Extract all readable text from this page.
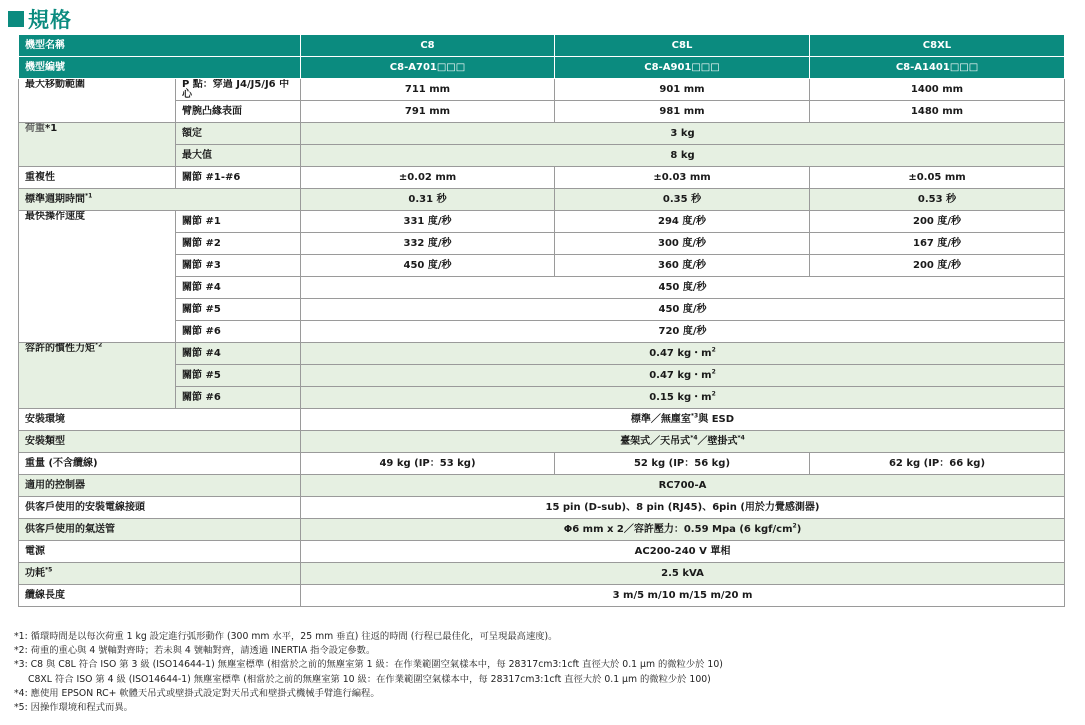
規格
機型名稱		C8	C8L	C8XL
機型編號		C8-A701□□□	C8-A901□□□	C8-A1401□□□
最大移動範圍	P 點：穿過 J4/J5/J6 中心	711 mm	901 mm	1400 mm
	臂腕凸緣表面	791 mm	981 mm	1480 mm
荷重*1	額定	3 kg		
	最大值	8 kg		
重複性	關節 #1-#6	±0.02 mm	±0.03 mm	±0.05 mm
標準週期時間$^{*1}$		0.31 秒	0.35 秒	0.53 秒
最快操作速度	關節 #1	331 度/秒	294 度/秒	200 度/秒
	關節 #2	332 度/秒	300 度/秒	167 度/秒
	關節 #3	450 度/秒	360 度/秒	200 度/秒
	關節 #4	450 度/秒		
	關節 #5	450 度/秒		
	關節 #6	720 度/秒		
容許的慣性力矩$^{*2}$	關節 #4	0.47 kg・$m^2$
	關節 #5	0.47 kg・$m^2$
	關節 #6	0.15 kg・$m^2$
安裝環境		標準／無塵室$^{*3}$與 ESD		
安裝類型		臺架式／天吊式$^{*4}$／壁掛式$^{*4}$
重量 (不含纜線)		49 kg (IP：53 kg)	52 kg (IP：56 kg)	62 kg (IP：66 kg)
適用的控制器		RC700-A		
供客戶使用的安裝電線接頭		15 pin (D-sub)、8 pin (RJ45)、6pin (用於力覺感測器)		
供客戶使用的氣送管		Φ6 mm x 2／容許壓力：0.59 Mpa (6 kgf/$cm^2$)		
電源		AC200-240 V 單相		
功耗$^{*5}$		2.5 kVA		
纜線長度		3 m/5 m/10 m/15 m/20 m		
*1: 循環時間是以每次荷重 1 kg 設定進行弧形動作 (300 mm 水平，25 mm 垂直) 往返的時間 (行程已最佳化，可呈現最高速度)。
*2: 荷重的重心與 4 號軸對齊時；若未與 4 號軸對齊，請透過 INERTIA 指令設定參數。
*3: C8 與 C8L 符合 ISO 第 3 級 (ISO14644-1) 無塵室標準 (相當於之前的無塵室第 1 級：在作業範圍空氣樣本中，每 28317cm3:1cft 直徑大於 0.1 μm 的微粒少於 10)
C8XL 符合 ISO 第 4 級 (ISO14644-1) 無塵室標準 (相當於之前的無塵室第 10 級：在作業範圍空氣樣本中，每 28317cm3:1cft 直徑大於 0.1 μm 的微粒少於 100)
*4: 應使用 EPSON RC+ 軟體天吊式或壁掛式設定對天吊式和壁掛式機械手臂進行編程。
*5: 因操作環境和程式而異。
